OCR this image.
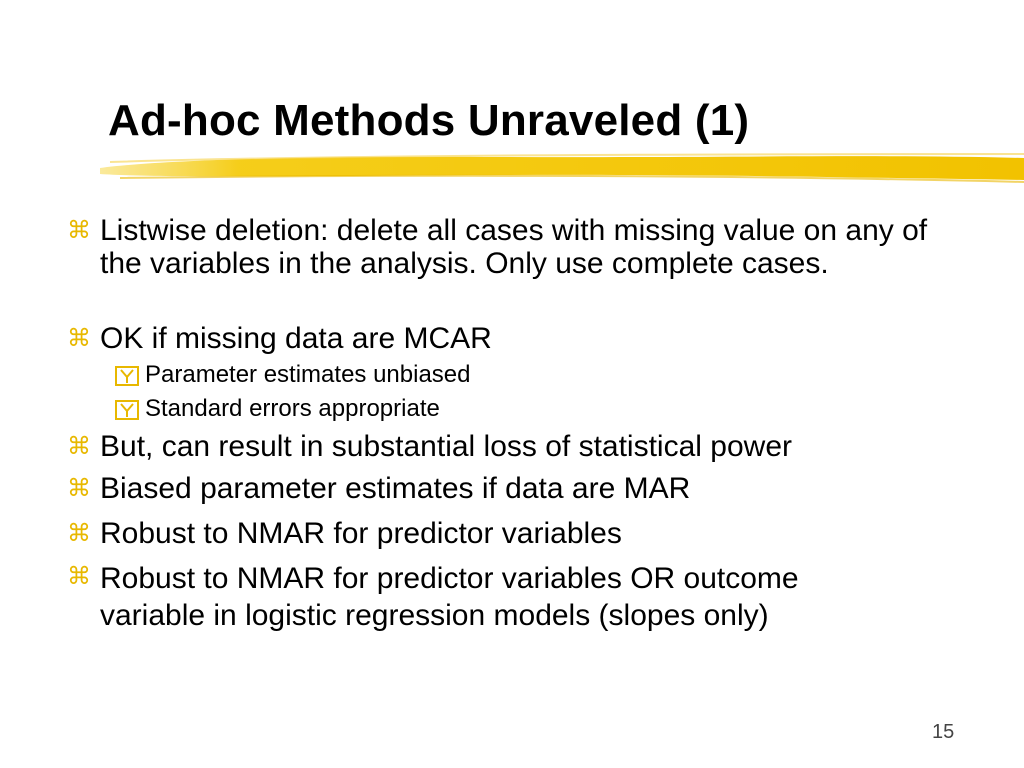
Ad-hoc Methods Unraveled (1)
⌘ Listwise deletion: delete all cases with missing value on any of the variables in the analysis. Only use complete cases.
⌘ OK if missing data are MCAR
Parameter estimates unbiased
Standard errors appropriate
⌘ But, can result in substantial loss of statistical power
⌘ Biased parameter estimates if data are MAR
⌘ Robust to NMAR for predictor variables
⌘ Robust to NMAR for predictor variables OR outcome variable in logistic regression models (slopes only)
15
